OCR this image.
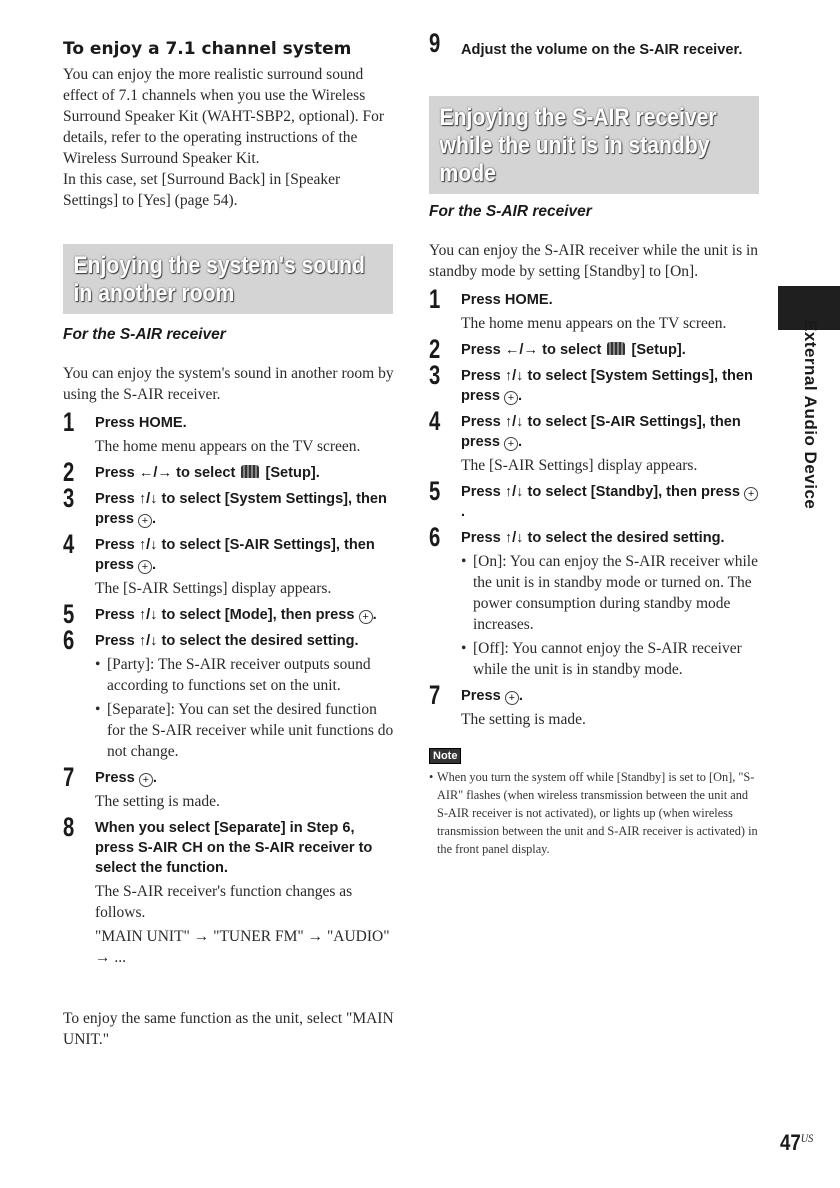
To enjoy a 7.1 channel system
You can enjoy the more realistic surround sound effect of 7.1 channels when you use the Wireless Surround Speaker Kit (WAHT-SBP2, optional). For details, refer to the operating instructions of the Wireless Surround Speaker Kit.
In this case, set [Surround Back] in [Speaker Settings] to [Yes] (page 54).
Enjoying the system's sound in another room
For the S-AIR receiver
You can enjoy the system's sound in another room by using the S-AIR receiver.
1 Press HOME.
The home menu appears on the TV screen.
2 Press ←/→ to select [Setup].
3 Press ↑/↓ to select [System Settings], then press + .
4 Press ↑/↓ to select [S-AIR Settings], then press + .
The [S-AIR Settings] display appears.
5 Press ↑/↓ to select [Mode], then press + .
6 Press ↑/↓ to select the desired setting.
• [Party]: The S-AIR receiver outputs sound according to functions set on the unit.
• [Separate]: You can set the desired function for the S-AIR receiver while unit functions do not change.
7 Press + .
The setting is made.
8 When you select [Separate] in Step 6, press S-AIR CH on the S-AIR receiver to select the function.
The S-AIR receiver's function changes as follows.
"MAIN UNIT" → "TUNER FM" → "AUDIO" → ...
To enjoy the same function as the unit, select "MAIN UNIT."
9 Adjust the volume on the S-AIR receiver.
Enjoying the S-AIR receiver while the unit is in standby mode
For the S-AIR receiver
You can enjoy the S-AIR receiver while the unit is in standby mode by setting [Standby] to [On].
1 Press HOME.
The home menu appears on the TV screen.
2 Press ←/→ to select [Setup].
3 Press ↑/↓ to select [System Settings], then press + .
4 Press ↑/↓ to select [S-AIR Settings], then press + .
The [S-AIR Settings] display appears.
5 Press ↑/↓ to select [Standby], then press +.
6 Press ↑/↓ to select the desired setting.
• [On]: You can enjoy the S-AIR receiver while the unit is in standby mode or turned on. The power consumption during standby mode increases.
• [Off]: You cannot enjoy the S-AIR receiver while the unit is in standby mode.
7 Press + .
The setting is made.
Note
• When you turn the system off while [Standby] is set to [On], "S-AIR" flashes (when wireless transmission between the unit and S-AIR receiver is not activated), or lights up (when wireless transmission between the unit and S-AIR receiver is activated) in the front panel display.
External Audio Device
$47^{US}$
